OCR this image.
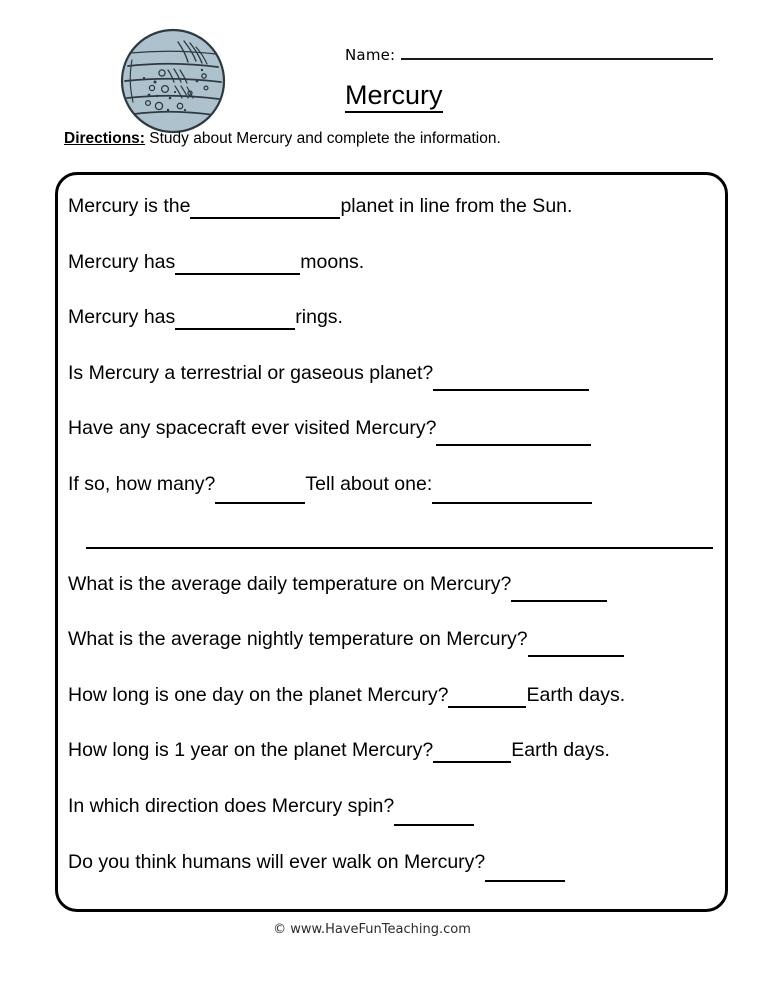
Name:
Mercury
Directions: Study about Mercury and complete the information.
Mercury is the	planet in line from the Sun.
Mercury has	moons.
Mercury has	rings.
Is Mercury a terrestrial or gaseous planet?
Have any spacecraft ever visited Mercury?
If so, how many?	Tell about one:
What is the average daily temperature on Mercury?
What is the average nightly temperature on Mercury?
How long is one day on the planet Mercury?	Earth days.
How long is 1 year on the planet Mercury?	Earth days.
In which direction does Mercury spin?
Do you think humans will ever walk on Mercury?
© www.HaveFunTeaching.com
